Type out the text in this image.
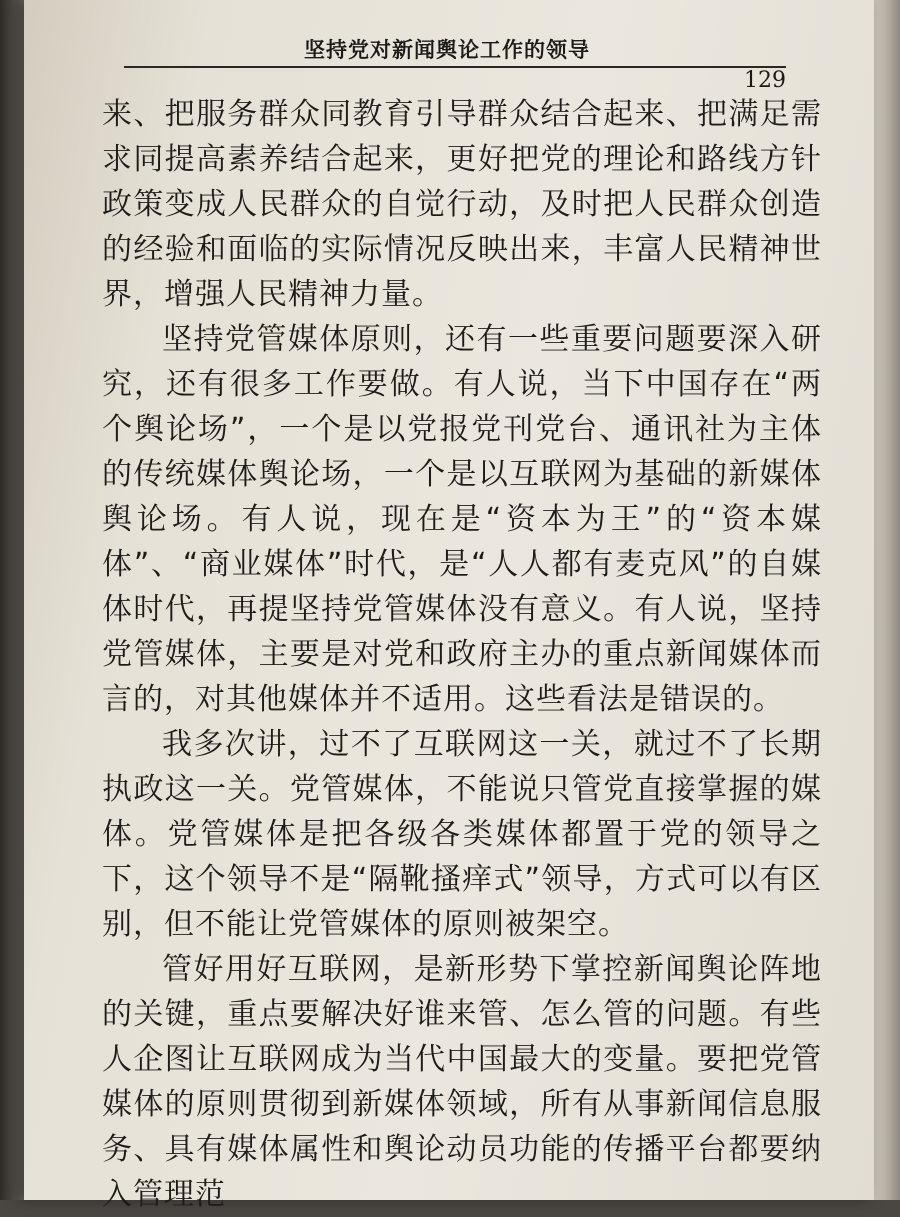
坚持党对新闻舆论工作的领导
129

来、把服务群众同教育引导群众结合起来、把满足需求同提高素养结合起来，更好把党的理论和路线方针政策变成人民群众的自觉行动，及时把人民群众创造的经验和面临的实际情况反映出来，丰富人民精神世界，增强人民精神力量。

坚持党管媒体原则，还有一些重要问题要深入研究，还有很多工作要做。有人说，当下中国存在“两个舆论场”，一个是以党报党刊党台、通讯社为主体的传统媒体舆论场，一个是以互联网为基础的新媒体舆论场。有人说，现在是“资本为王”的“资本媒体”、“商业媒体”时代，是“人人都有麦克风”的自媒体时代，再提坚持党管媒体没有意义。有人说，坚持党管媒体，主要是对党和政府主办的重点新闻媒体而言的，对其他媒体并不适用。这些看法是错误的。

我多次讲，过不了互联网这一关，就过不了长期执政这一关。党管媒体，不能说只管党直接掌握的媒体。党管媒体是把各级各类媒体都置于党的领导之下，这个领导不是“隔靴搔痒式”领导，方式可以有区别，但不能让党管媒体的原则被架空。

管好用好互联网，是新形势下掌控新闻舆论阵地的关键，重点要解决好谁来管、怎么管的问题。有些人企图让互联网成为当代中国最大的变量。要把党管媒体的原则贯彻到新媒体领域，所有从事新闻信息服务、具有媒体属性和舆论动员功能的传播平台都要纳入管理范
